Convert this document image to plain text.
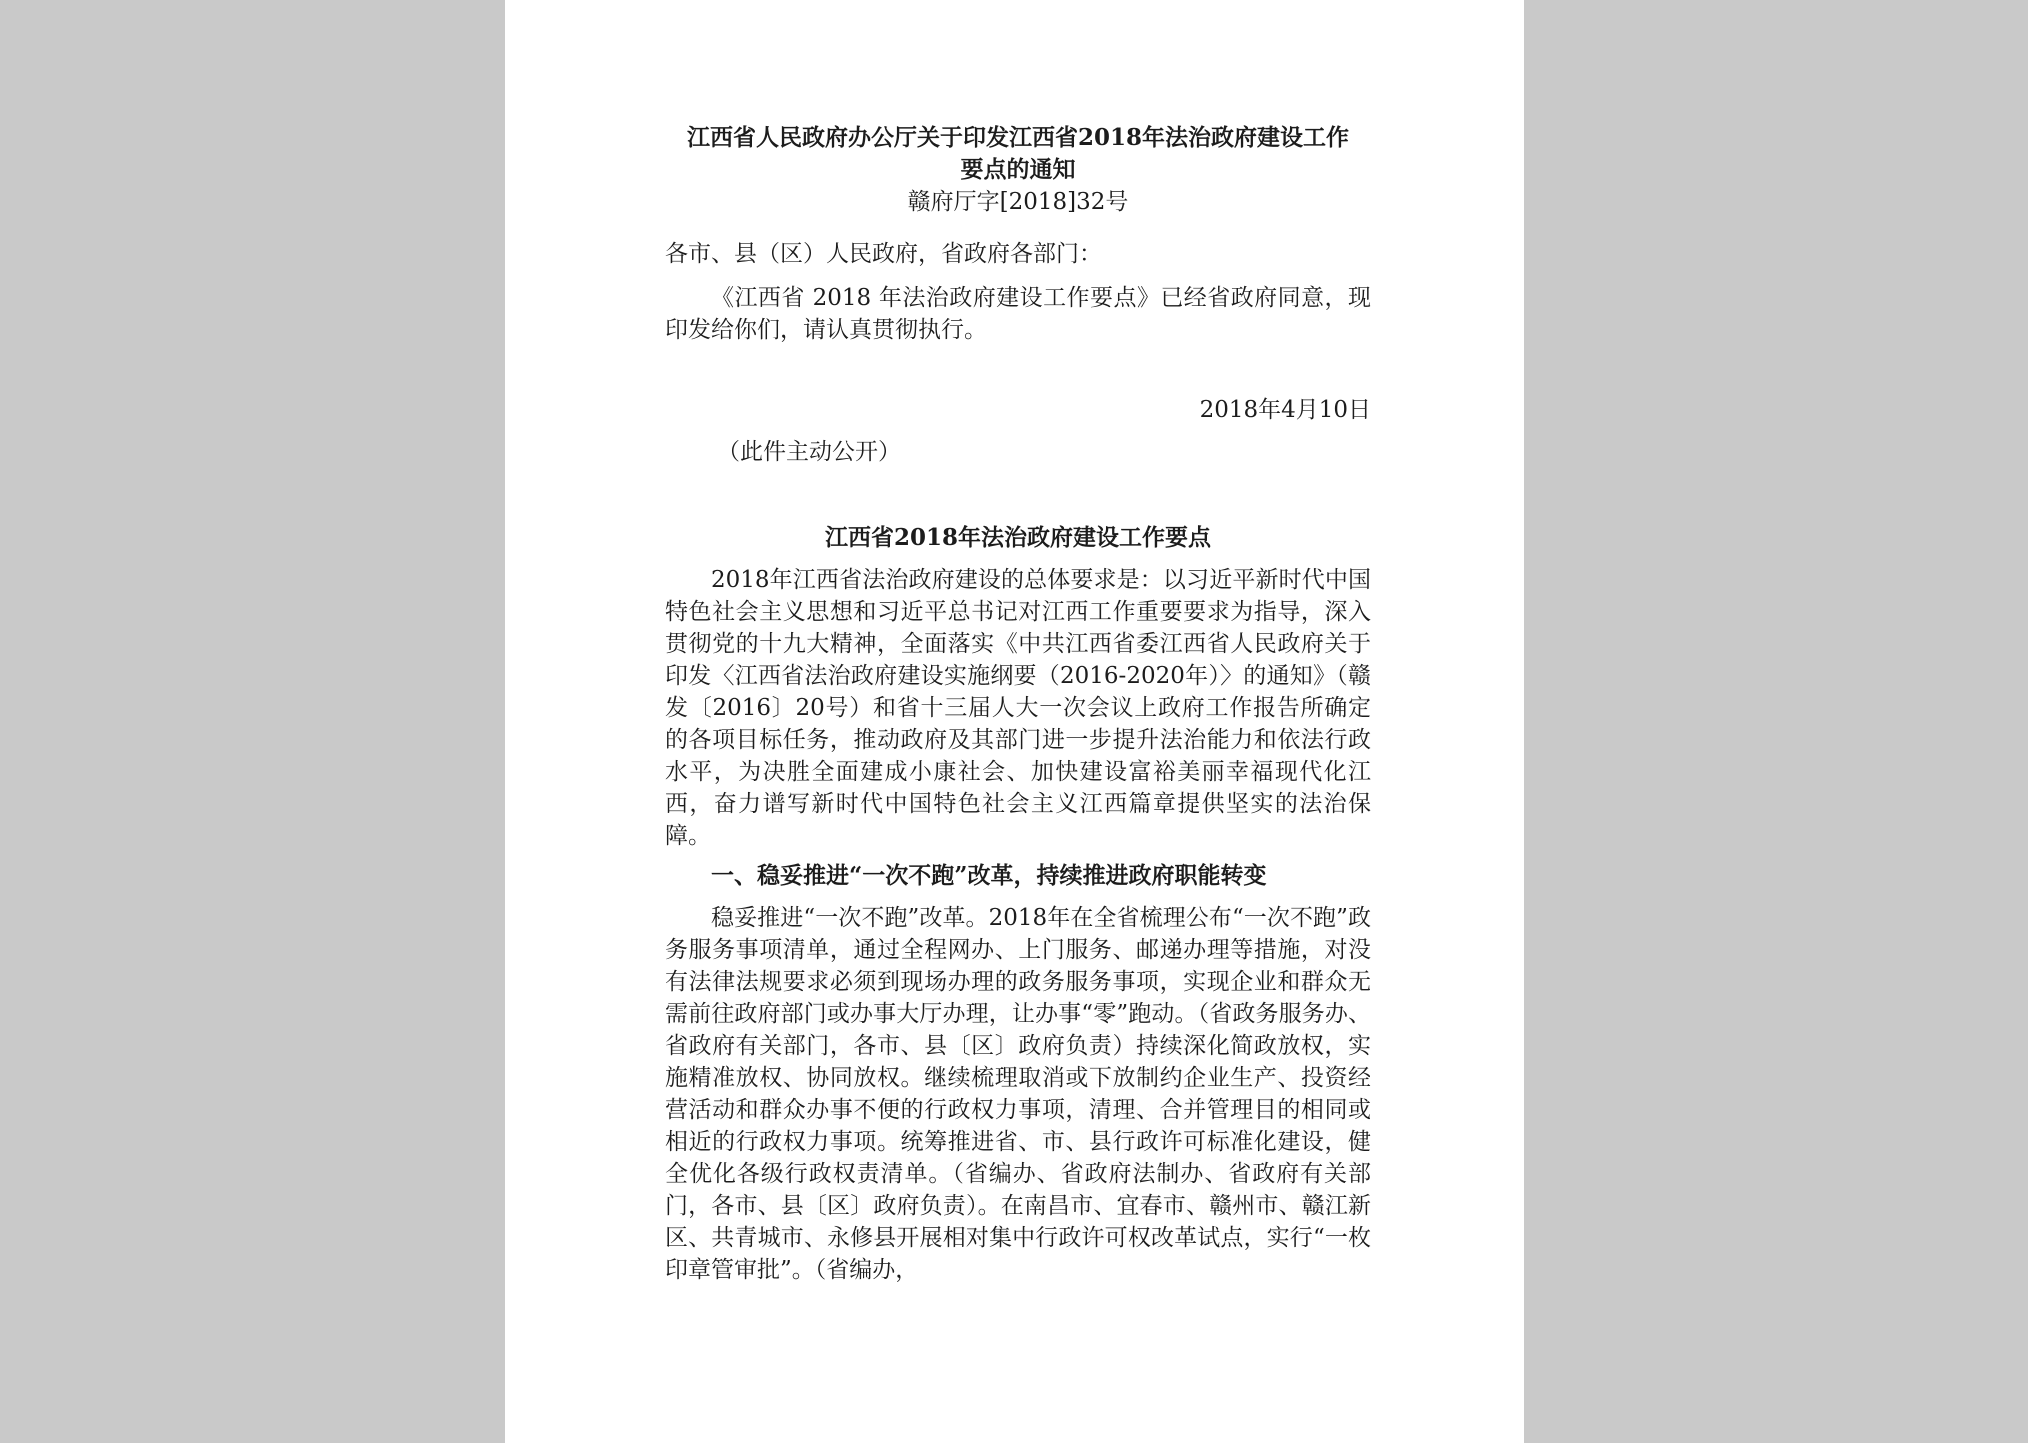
江西省人民政府办公厅关于印发江西省2018年法治政府建设工作

要点的通知

赣府厅字[2018]32号

各市、县（区）人民政府，省政府各部门：

《江西省 2018 年法治政府建设工作要点》已经省政府同意，现印发给你们，请认真贯彻执行。

2018年4月10日

（此件主动公开）

江西省2018年法治政府建设工作要点

2018年江西省法治政府建设的总体要求是：以习近平新时代中国特色社会主义思想和习近平总书记对江西工作重要要求为指导，深入贯彻党的十九大精神，全面落实《中共江西省委江西省人民政府关于印发〈江西省法治政府建设实施纲要（2016-2020年）〉的通知》（赣发〔2016〕20号）和省十三届人大一次会议上政府工作报告所确定的各项目标任务，推动政府及其部门进一步提升法治能力和依法行政水平，为决胜全面建成小康社会、加快建设富裕美丽幸福现代化江西，奋力谱写新时代中国特色社会主义江西篇章提供坚实的法治保障。

一、稳妥推进“一次不跑”改革，持续推进政府职能转变

稳妥推进“一次不跑”改革。2018年在全省梳理公布“一次不跑”政务服务事项清单，通过全程网办、上门服务、邮递办理等措施，对没有法律法规要求必须到现场办理的政务服务事项，实现企业和群众无需前往政府部门或办事大厅办理，让办事“零”跑动。（省政务服务办、省政府有关部门，各市、县〔区〕政府负责）持续深化简政放权，实施精准放权、协同放权。继续梳理取消或下放制约企业生产、投资经营活动和群众办事不便的行政权力事项，清理、合并管理目的相同或相近的行政权力事项。统筹推进省、市、县行政许可标准化建设，健全优化各级行政权责清单。（省编办、省政府法制办、省政府有关部门，各市、县〔区〕政府负责）。在南昌市、宜春市、赣州市、赣江新区、共青城市、永修县开展相对集中行政许可权改革试点，实行“一枚印章管审批”。（省编办，
